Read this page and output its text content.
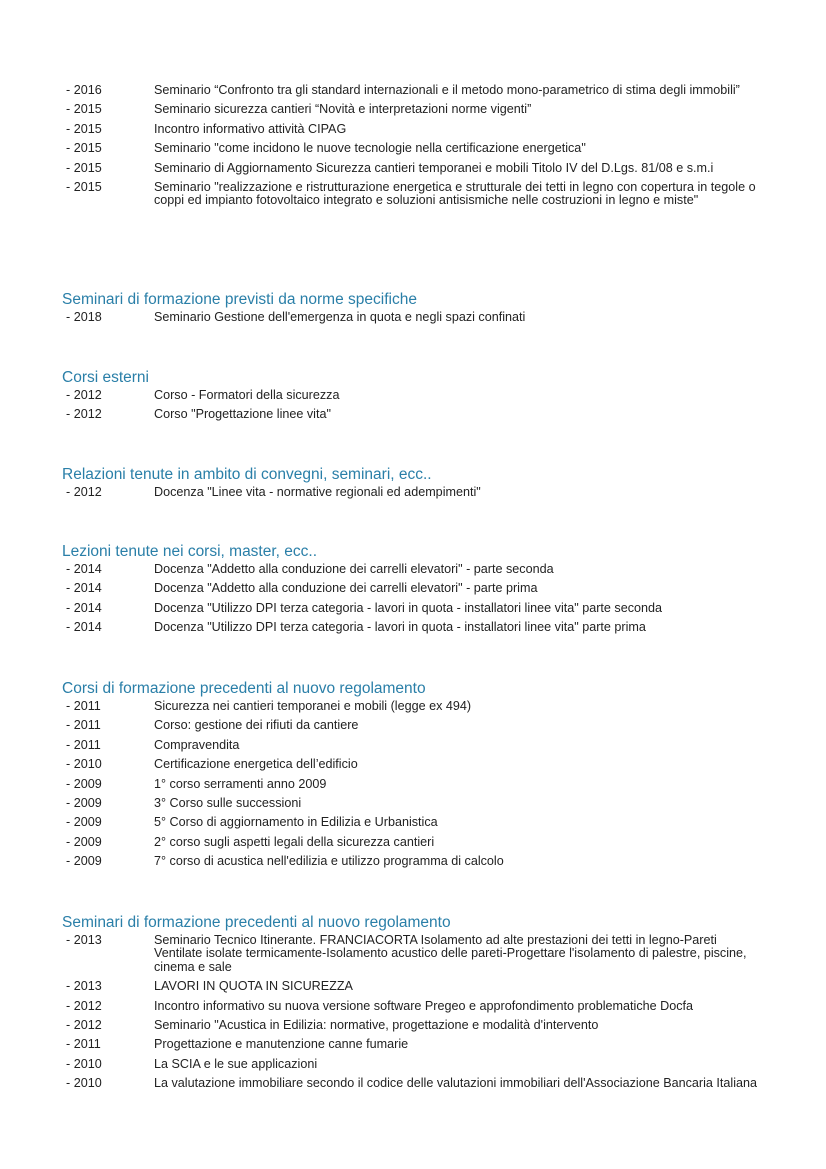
- 2016	Seminario “Confronto tra gli standard internazionali e il metodo mono-parametrico di stima degli immobili”
- 2015	Seminario sicurezza cantieri “Novità e interpretazioni norme vigenti”
- 2015	Incontro informativo attività CIPAG
- 2015	Seminario "come incidono le nuove tecnologie nella certificazione energetica"
- 2015	Seminario di Aggiornamento Sicurezza cantieri temporanei e mobili Titolo IV del D.Lgs. 81/08 e s.m.i
- 2015	Seminario "realizzazione e ristrutturazione energetica e strutturale dei tetti in legno con copertura in tegole o coppi ed impianto fotovoltaico integrato e soluzioni antisismiche nelle costruzioni in legno e miste"
Seminari di formazione previsti da norme specifiche
- 2018	Seminario Gestione dell'emergenza in quota e negli spazi confinati
Corsi esterni
- 2012	Corso - Formatori della sicurezza
- 2012	Corso "Progettazione linee vita"
Relazioni tenute in ambito di convegni, seminari, ecc..
- 2012	Docenza "Linee vita - normative regionali ed adempimenti"
Lezioni tenute nei corsi, master, ecc..
- 2014	Docenza "Addetto alla conduzione dei carrelli elevatori" - parte seconda
- 2014	Docenza "Addetto alla conduzione dei carrelli elevatori" - parte prima
- 2014	Docenza "Utilizzo DPI terza categoria - lavori in quota - installatori linee vita" parte seconda
- 2014	Docenza "Utilizzo DPI terza categoria - lavori in quota - installatori linee vita" parte prima
Corsi di formazione precedenti al nuovo regolamento
- 2011	Sicurezza nei cantieri temporanei e mobili (legge ex 494)
- 2011	Corso: gestione dei rifiuti da cantiere
- 2011	Compravendita
- 2010	Certificazione energetica dell’edificio
- 2009	1° corso serramenti anno 2009
- 2009	3° Corso sulle successioni
- 2009	5° Corso di aggiornamento in Edilizia e Urbanistica
- 2009	2° corso sugli aspetti legali della sicurezza cantieri
- 2009	7° corso di acustica nell'edilizia e utilizzo programma di calcolo
Seminari di formazione precedenti al nuovo regolamento
- 2013	Seminario Tecnico Itinerante. FRANCIACORTA Isolamento ad alte prestazioni dei tetti in legno-Pareti Ventilate isolate termicamente-Isolamento acustico delle pareti-Progettare l'isolamento di palestre, piscine, cinema e sale
- 2013	LAVORI IN QUOTA IN SICUREZZA
- 2012	Incontro informativo su nuova versione software Pregeo e approfondimento problematiche Docfa
- 2012	Seminario "Acustica in Edilizia: normative, progettazione e modalità d'intervento
- 2011	Progettazione e manutenzione canne fumarie
- 2010	La SCIA e le sue applicazioni
- 2010	La valutazione immobiliare secondo il codice delle valutazioni immobiliari dell'Associazione Bancaria Italiana
